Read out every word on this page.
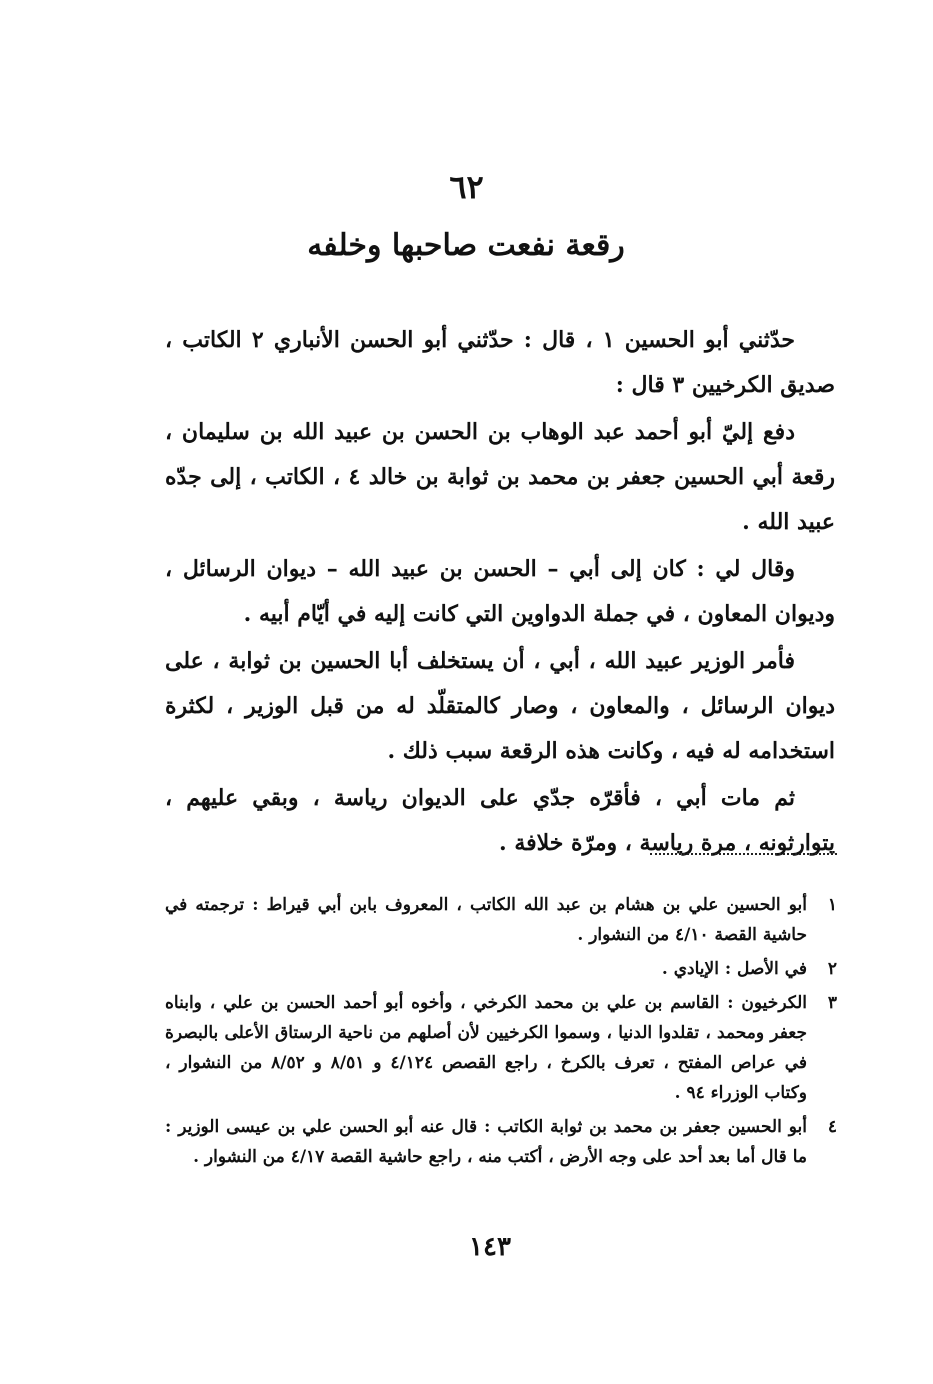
٦٢
رقعة نفعت صاحبها وخلفه

حدّثني أبو الحسين ١ ، قال : حدّثني أبو الحسن الأنباري ٢ الكاتب ، صديق الكرخيين ٣ قال :

دفع إليّ أبو أحمد عبد الوهاب بن الحسن بن عبيد الله بن سليمان ، رقعة أبي الحسين جعفر بن محمد بن ثوابة بن خالد ٤ ، الكاتب ، إلى جدّه عبيد الله .

وقال لي : كان إلى أبي – الحسن بن عبيد الله – ديوان الرسائل ، وديوان المعاون ، في جملة الدواوين التي كانت إليه في أيّام أبيه .

فأمر الوزير عبيد الله ، أبي ، أن يستخلف أبا الحسين بن ثوابة ، على ديوان الرسائل ، والمعاون ، وصار كالمتقلّد له من قبل الوزير ، لكثرة استخدامه له فيه ، وكانت هذه الرقعة سبب ذلك .

ثم مات أبي ، فأقرّه جدّي على الديوان رياسة ، وبقي عليهم ، يتوارثونه ، مرة رياسة ، ومرّة خلافة .

١
أبو الحسين علي بن هشام بن عبد الله الكاتب ، المعروف بابن أبي قيراط : ترجمته في حاشية القصة ٤/١٠ من النشوار .
٢
في الأصل : الإيادي .
٣
الكرخيون : القاسم بن علي بن محمد الكرخي ، وأخوه أبو أحمد الحسن بن علي ، وابناه جعفر ومحمد ، تقلدوا الدنيا ، وسموا الكرخيين لأن أصلهم من ناحية الرستاق الأعلى بالبصرة في عراص المفتح ، تعرف بالكرخ ، راجع القصص ٤/١٢٤ و ٨/٥١ و ٨/٥٢ من النشوار ، وكتاب الوزراء ٩٤ .
٤
أبو الحسين جعفر بن محمد بن ثوابة الكاتب : قال عنه أبو الحسن علي بن عيسى الوزير : ما قال أما بعد أحد على وجه الأرض ، أكتب منه ، راجع حاشية القصة ٤/١٧ من النشوار .
١٤٣
